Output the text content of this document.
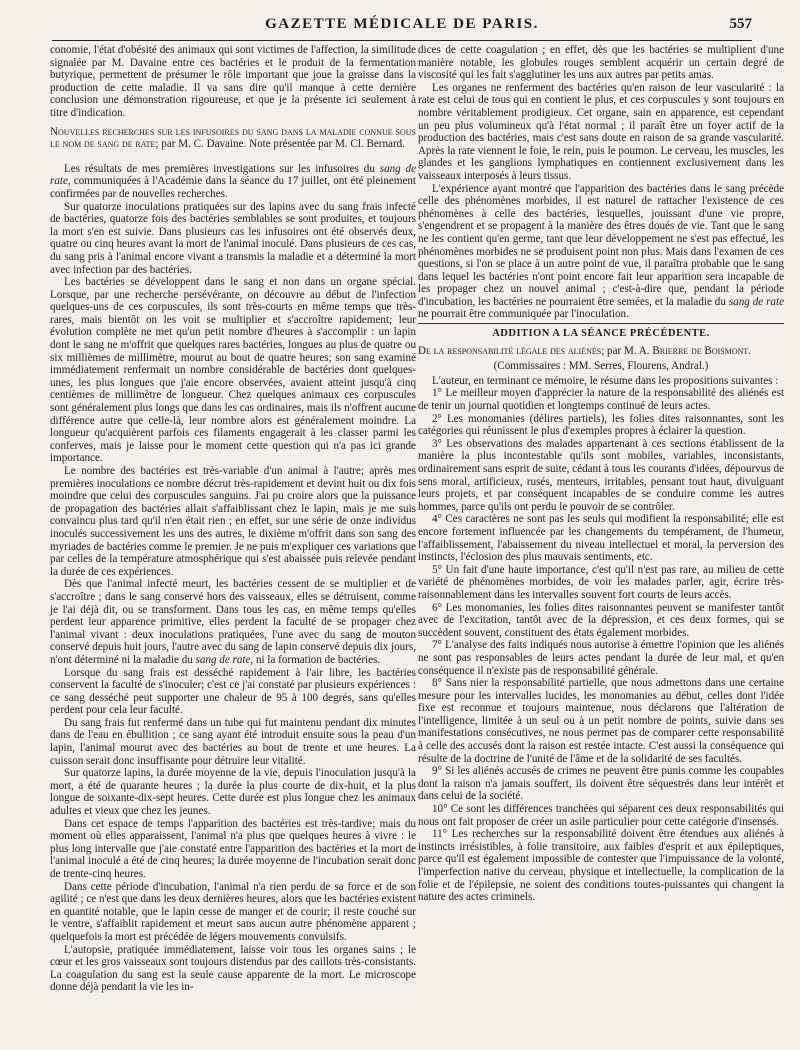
GAZETTE MÉDICALE DE PARIS.	557

conomie, l'état d'obésité des animaux qui sont victimes de l'affection, la similitude signalée par M. Davaine entre ces bactéries et le produit de la fermentation butyrique, permettent de présumer le rôle important que joue la graisse dans la production de cette maladie. Il va sans dire qu'il manque à cette dernière conclusion une démonstration rigoureuse, et que je la présente ici seulement à titre d'indication.

Nouvelles recherches sur les infusoires du sang dans la maladie connue sous le nom de sang de rate; par M. C. Davaine. Note présentée par M. Cl. Bernard.

Les résultats de mes premières investigations sur les infusoires du sang de rate, communiquées à l'Académie dans la séance du 17 juillet, ont été pleinement confirmées par de nouvelles recherches.

Sur quatorze inoculations pratiquées sur des lapins avec du sang frais infecté de bactéries, quatorze fois des bactéries semblables se sont produites, et toujours la mort s'en est suivie. Dans plusieurs cas les infusoires ont été observés deux, quatre ou cinq heures avant la mort de l'animal inoculé. Dans plusieurs de ces cas, du sang pris à l'animal encore vivant a transmis la maladie et a déterminé la mort avec infection par des bactéries.

Les bactéries se développent dans le sang et non dans un organe spécial. Lorsque, par une recherche persévérante, on découvre au début de l'infection quelques-uns de ces corpuscules, ils sont très-courts en même temps que très-rares, mais bientôt on les voit se multiplier et s'accroître rapidement; leur évolution complète ne met qu'un petit nombre d'heures à s'accomplir : un lapin dont le sang ne m'offrit que quelques rares bactéries, longues au plus de quatre ou six millièmes de millimètre, mourut au bout de quatre heures; son sang examiné immédiatement renfermait un nombre considérable de bactéries dont quelques-unes, les plus longues que j'aie encore observées, avaient atteint jusqu'à cinq centièmes de millimètre de longueur. Chez quelques animaux ces corpuscules sont généralement plus longs que dans les cas ordinaires, mais ils n'offrent aucune différence autre que celle-là, leur nombre alors est généralement moindre. La longueur qu'acquièrent parfois ces filaments engagerait à les classer parmi les conferves, mais je laisse pour le moment cette question qui n'a pas ici grande importance.

Le nombre des bactéries est très-variable d'un animal à l'autre; après mes premières inoculations ce nombre décrut très-rapidement et devint huit ou dix fois moindre que celui des corpuscules sanguins. J'ai pu croire alors que la puissance de propagation des bactéries allait s'affaiblissant chez le lapin, mais je me suis convaincu plus tard qu'il n'en était rien ; en effet, sur une série de onze individus inoculés successivement les uns des autres, le dixième m'offrit dans son sang des myriades de bactéries comme le premier. Je ne puis m'expliquer ces variations que par celles de la température atmosphérique qui s'est abaissée puis relevée pendant la durée de ces expériences.

Dès que l'animal infecté meurt, les bactéries cessent de se multiplier et de s'accroître ; dans le sang conservé hors des vaisseaux, elles se détruisent, comme je l'ai déjà dit, ou se transforment. Dans tous les cas, en même temps qu'elles perdent leur apparence primitive, elles perdent la faculté de se propager chez l'animal vivant : deux inoculations pratiquées, l'une avec du sang de mouton conservé depuis huit jours, l'autre avec du sang de lapin conservé depuis dix jours, n'ont déterminé ni la maladie du sang de rate, ni la formation de bactéries.

Lorsque du sang frais est desséché rapidement à l'air libre, les bactéries conservent la faculté de s'inoculer; c'est ce j'ai constaté par plusieurs expériences : ce sang desséché peut supporter une chaleur de 95 à 100 degrés, sans qu'elles perdent pour cela leur faculté.

Du sang frais fut renfermé dans un tube qui fut maintenu pendant dix minutes dans de l'eau en ébullition ; ce sang ayant été introduit ensuite sous la peau d'un lapin, l'animal mourut avec des bactéries au bout de trente et une heures. La cuisson serait donc insuffisante pour détruire leur vitalité.

Sur quatorze lapins, la durée moyenne de la vie, depuis l'inoculation jusqu'à la mort, a été de quarante heures ; la durée la plus courte de dix-huit, et la plus longue de soixante-dix-sept heures. Cette durée est plus longue chez les animaux adultes et vieux que chez les jeunes.

Dans cet espace de temps l'apparition des bactéries est très-tardive; mais du moment où elles apparaissent, l'animal n'a plus que quelques heures à vivre : le plus long intervalle que j'aie constaté entre l'apparition des bactéries et la mort de l'animal inoculé a été de cinq heures; la durée moyenne de l'incubation serait donc de trente-cinq heures.

Dans cette période d'incubation, l'animal n'a rien perdu de sa force et de son agilité ; ce n'est que dans les deux dernières heures, alors que les bactéries existent en quantité notable, que le lapin cesse de manger et de courir; il reste couché sur le ventre, s'affaiblit rapidement et meurt sans aucun autre phénomène apparent ; quelquefois la mort est précédée de légers mouvements convulsifs.

L'autopsie, pratiquée immédiatement, laisse voir tous les organes sains ; le cœur et les gros vaisseaux sont toujours distendus par des caillots très-consistants. La coagulation du sang est la seule cause apparente de la mort. Le microscope donne déjà pendant la vie les in-

dices de cette coagulation ; en effet, dès que les bactéries se multiplient d'une manière notable, les globules rouges semblent acquérir un certain degré de viscosité qui les fait s'agglutiner les uns aux autres par petits amas.

Les organes ne renferment des bactéries qu'en raison de leur vascularité : la rate est celui de tous qui en contient le plus, et ces corpuscules y sont toujours en nombre véritablement prodigieux. Cet organe, sain en apparence, est cependant un peu plus volumineux qu'à l'état normal ; il paraît être un foyer actif de la production des bactéries, mais c'est sans doute en raison de sa grande vascularité. Après la rate viennent le foie, le rein, puis le poumon. Le cerveau, les muscles, les glandes et les ganglions lymphatiques en contiennent exclusivement dans les vaisseaux interposés à leurs tissus.

L'expérience ayant montré que l'apparition des bactéries dans le sang précède celle des phénomènes morbides, il est naturel de rattacher l'existence de ces phénomènes à celle des bactéries, lesquelles, jouissant d'une vie propre, s'engendrent et se propagent à la manière des êtres doués de vie. Tant que le sang ne les contient qu'en germe, tant que leur développement ne s'est pas effectué, les phénomènes morbides ne se produisent point non plus. Mais dans l'examen de ces questions, si l'on se place à un autre point de vue, il paraîtra probable que le sang dans lequel les bactéries n'ont point encore fait leur apparition sera incapable de les propager chez un nouvel animal ; c'est-à-dire que, pendant la période d'incubation, les bactéries ne pourraient être semées, et la maladie du sang de rate ne pourrait être communiquée par l'inoculation.

ADDITION A LA SÉANCE PRÉCÉDENTE.

De la responsabilité légale des aliénés; par M. A. Brierre de Boismont.

(Commissaires : MM. Serres, Flourens, Andral.)

L'auteur, en terminant ce mémoire, le résume dans les propositions suivantes :

1° Le meilleur moyen d'apprécier la nature de la responsabilité des aliénés est de tenir un journal quotidien et longtemps continué de leurs actes.

2° Les monomanies (délires partiels), les folies dites raisonnantes, sont les catégories qui réunissent le plus d'exemples propres à éclairer la question.

3° Les observations des malades appartenant à ces sections établissent de la manière la plus incontestable qu'ils sont mobiles, variables, inconsistants, ordinairement sans esprit de suite, cédant à tous les courants d'idées, dépourvus de sens moral, artificieux, rusés, menteurs, irritables, pensant tout haut, divulguant leurs projets, et par conséquent incapables de se conduire comme les autres hommes, parce qu'ils ont perdu le pouvoir de se contrôler.

4° Ces caractères ne sont pas les seuls qui modifient la responsabilité; elle est encore fortement influencée par les changements du tempérament, de l'humeur, l'affaiblissement, l'abaissement du niveau intellectuel et moral, la perversion des instincts, l'éclosion des plus mauvais sentiments, etc.

5° Un fait d'une haute importance, c'est qu'il n'est pas rare, au milieu de cette variété de phénomènes morbides, de voir les malades parler, agir, écrire très-raisonnablement dans les intervalles souvent fort courts de leurs accès.

6° Les monomanies, les folies dites raisonnantes peuvent se manifester tantôt avec de l'excitation, tantôt avec de la dépression, et ces deux formes, qui se succèdent souvent, constituent des états également morbides.

7° L'analyse des faits indiqués nous autorise à émettre l'opinion que les aliénés ne sont pas responsables de leurs actes pendant la durée de leur mal, et qu'en conséquence il n'existe pas de responsabilité générale.

8° Sans nier la responsabilité partielle, que nous admettons dans une certaine mesure pour les intervalles lucides, les monomanies au début, celles dont l'idée fixe est reconnue et toujours maintenue, nous déclarons que l'altération de l'intelligence, limitée à un seul ou à un petit nombre de points, suivie dans ses manifestations consécutives, ne nous permet pas de comparer cette responsabilité à celle des accusés dont la raison est restée intacte. C'est aussi la conséquence qui résulte de la doctrine de l'unité de l'âme et de la solidarité de ses facultés.

9° Si les aliénés accusés de crimes ne peuvent être punis comme les coupables dont la raison n'a jamais souffert, ils doivent être séquestrés dans leur intérêt et dans celui de la société.

10° Ce sont les différences tranchées qui séparent ces deux responsabilités qui nous ont fait proposer de créer un asile particulier pour cette catégorie d'insensés.

11° Les recherches sur la responsabilité doivent être étendues aux aliénés à instincts irrésistibles, à folie transitoire, aux faibles d'esprit et aux épileptiques, parce qu'il est également impossible de contester que l'impuissance de la volonté, l'imperfection native du cerveau, physique et intellectuelle, la complication de la folie et de l'épilepsie, ne soient des conditions toutes-puissantes qui changent la nature des actes criminels.
